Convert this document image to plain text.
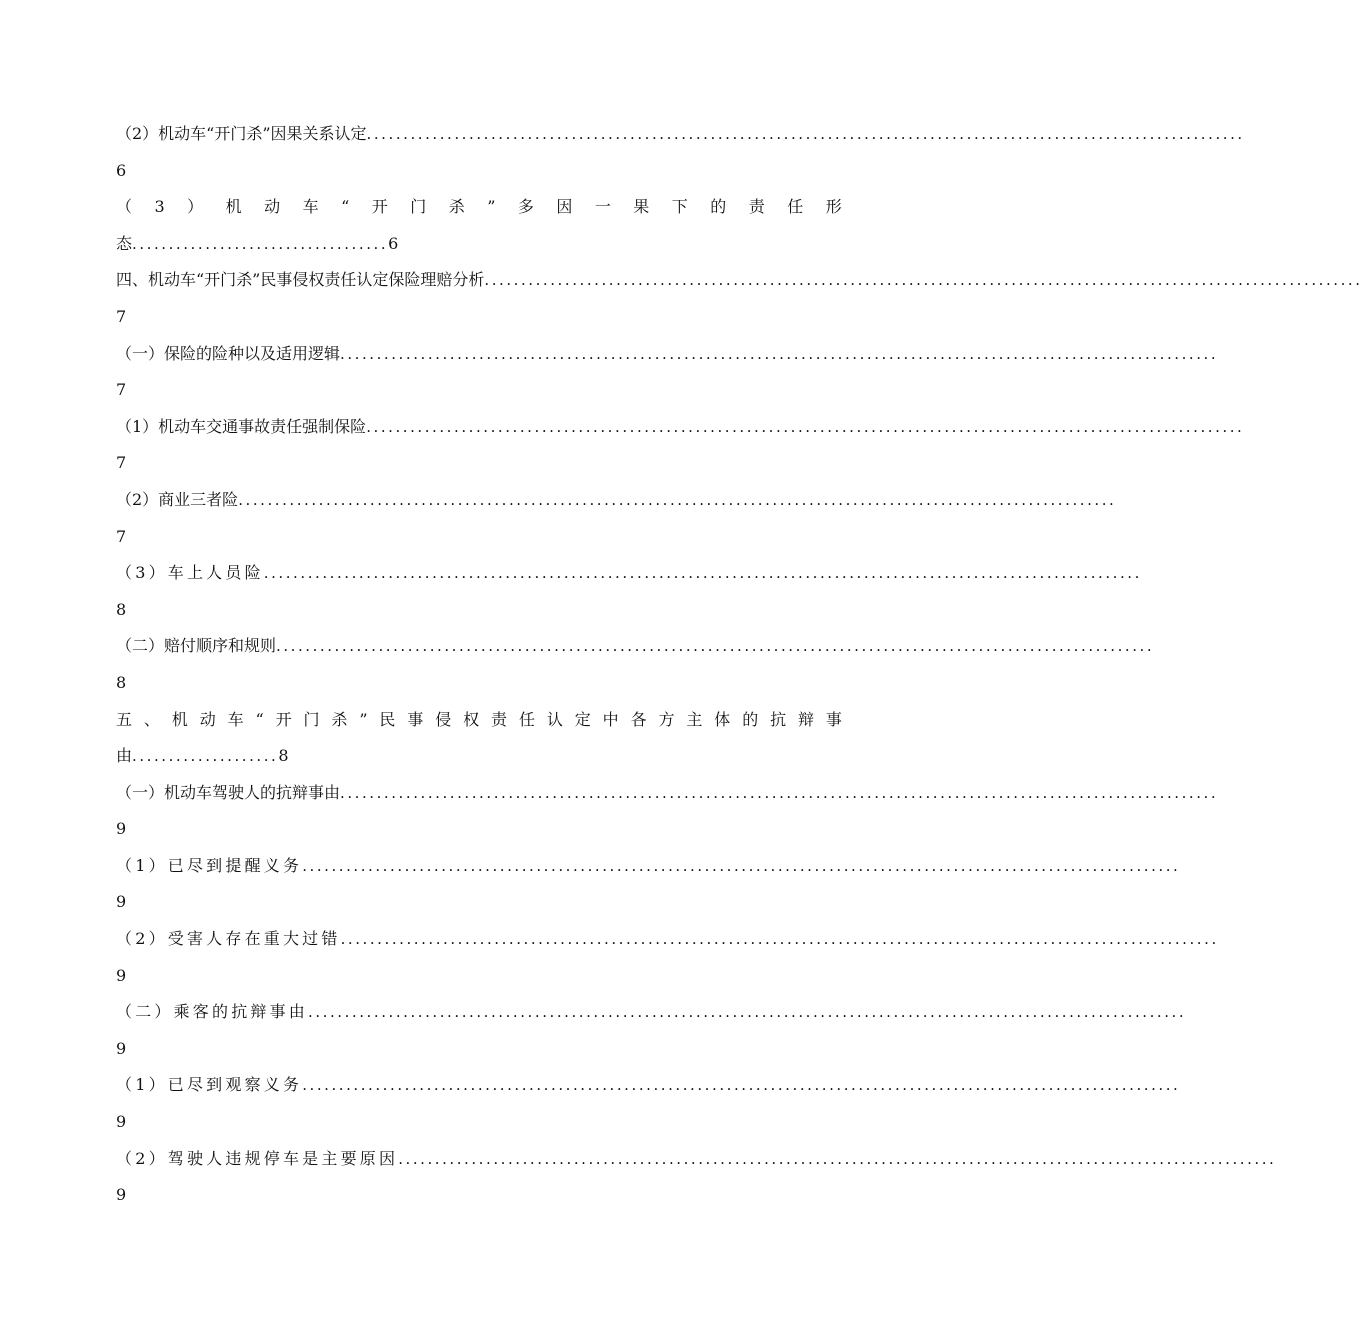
（2）机动车“开门杀”因果关系认定 ........................................................................................................................
6
（ 3 ） 机 动 车 “ 开 门 杀 ” 多 因 一 果 下 的 责 任 形
态 ................................... 6
四、机动车“开门杀”民事侵权责任认定保险理赔分析 ........................................................................................................................
7
（一）保险的险种以及适用逻辑 ........................................................................................................................
7
（1）机动车交通事故责任强制保险 ........................................................................................................................
7
（2）商业三者险 ........................................................................................................................
7
（3）车上人员险 ........................................................................................................................
8
（二）赔付顺序和规则 ........................................................................................................................
8
五 、 机 动 车 “ 开 门 杀 ” 民 事 侵 权 责 任 认 定 中 各 方 主 体 的 抗 辩 事
由 .................... 8
（一）机动车驾驶人的抗辩事由 ........................................................................................................................
9
（1）已尽到提醒义务 ........................................................................................................................
9
（2）受害人存在重大过错 ........................................................................................................................
9
（二）乘客的抗辩事由 ........................................................................................................................
9
（1）已尽到观察义务 ........................................................................................................................
9
（2）驾驶人违规停车是主要原因 ........................................................................................................................
9
